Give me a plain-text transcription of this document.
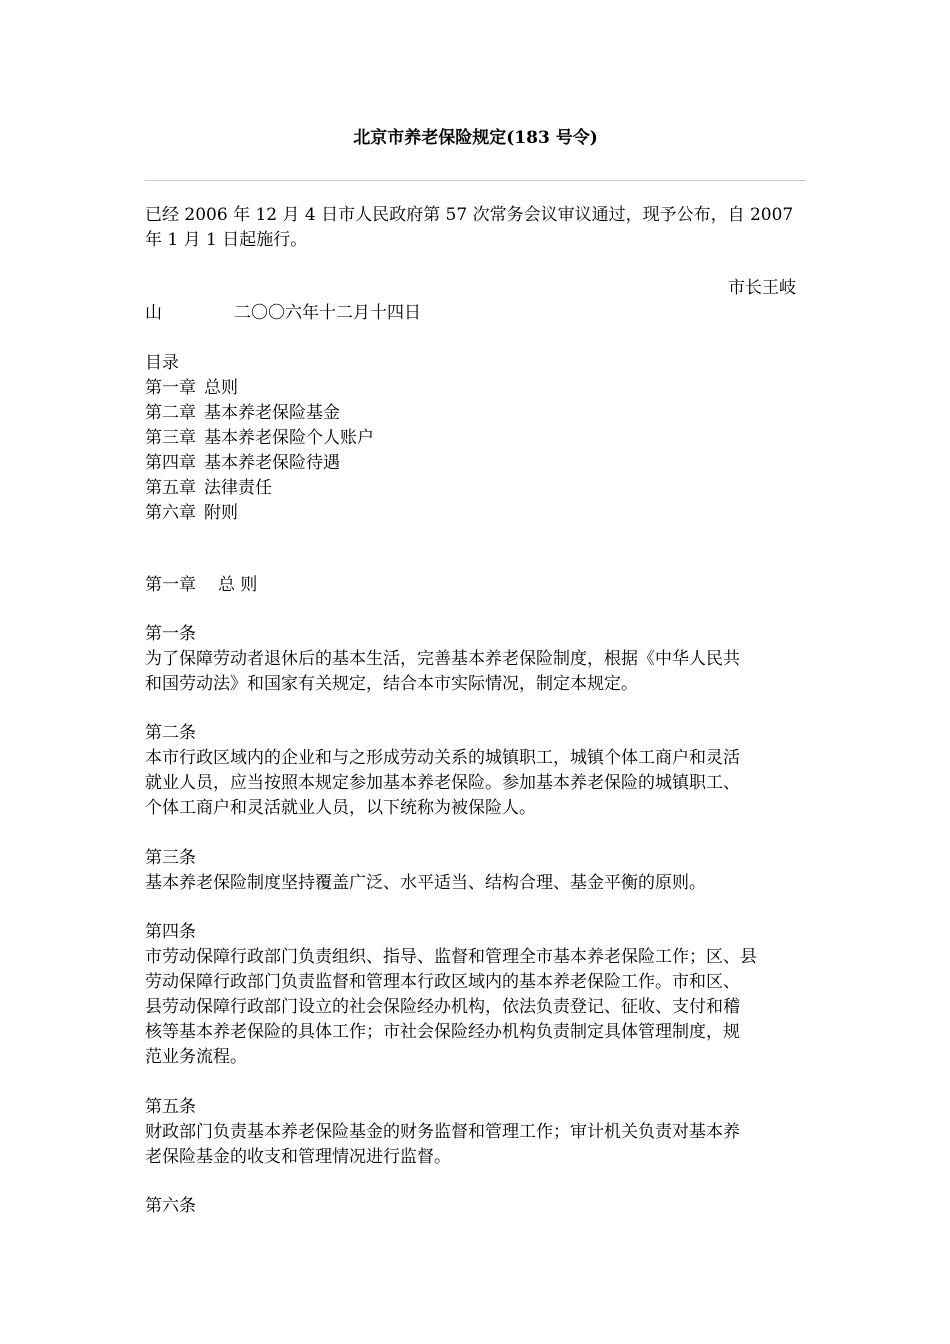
北京市养老保险规定(183 号令)
已经 2006 年 12 月 4 日市人民政府第 57 次常务会议审议通过，现予公布，自 2007
年 1 月 1 日起施行。
市长王岐
山	二〇〇六年十二月十四日
目录
第一章 总则
第二章 基本养老保险基金
第三章 基本养老保险个人账户
第四章 基本养老保险待遇
第五章 法律责任
第六章 附则
第一章 总 则
第一条
为了保障劳动者退休后的基本生活，完善基本养老保险制度，根据《中华人民共
和国劳动法》和国家有关规定，结合本市实际情况，制定本规定。
第二条
本市行政区域内的企业和与之形成劳动关系的城镇职工，城镇个体工商户和灵活
就业人员，应当按照本规定参加基本养老保险。参加基本养老保险的城镇职工、
个体工商户和灵活就业人员，以下统称为被保险人。
第三条
基本养老保险制度坚持覆盖广泛、水平适当、结构合理、基金平衡的原则。
第四条
市劳动保障行政部门负责组织、指导、监督和管理全市基本养老保险工作；区、县
劳动保障行政部门负责监督和管理本行政区域内的基本养老保险工作。市和区、
县劳动保障行政部门设立的社会保险经办机构，依法负责登记、征收、支付和稽
核等基本养老保险的具体工作；市社会保险经办机构负责制定具体管理制度，规
范业务流程。
第五条
财政部门负责基本养老保险基金的财务监督和管理工作；审计机关负责对基本养
老保险基金的收支和管理情况进行监督。
第六条
